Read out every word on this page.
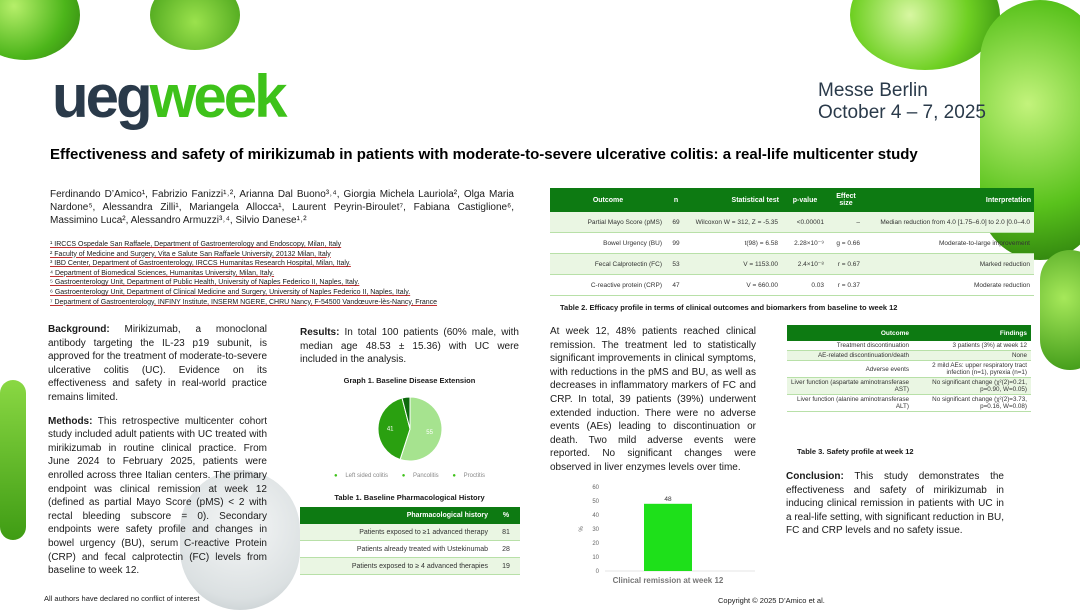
uegweek	Messe Berlin
October 4 – 7, 2025
Effectiveness and safety of mirikizumab in patients with moderate-to-severe ulcerative colitis: a real-life multicenter study
Ferdinando D’Amico¹, Fabrizio Fanizzi¹˒², Arianna Dal Buono³˒⁴, Giorgia Michela Lauriola², Olga Maria Nardone⁵, Alessandra Zilli¹, Mariangela Allocca¹, Laurent Peyrin-Biroulet⁷, Fabiana Castiglione⁶, Massimino Luca², Alessandro Armuzzi³˒⁴, Silvio Danese¹˒²
¹ IRCCS Ospedale San Raffaele, Department of Gastroenterology and Endoscopy, Milan, Italy
² Faculty of Medicine and Surgery, Vita e Salute San Raffaele University, 20132 Milan, Italy
³ IBD Center, Department of Gastroenterology, IRCCS Humanitas Research Hospital, Milan, Italy.
⁴ Department of Biomedical Sciences, Humanitas University, Milan, Italy.
⁵ Gastroenterology Unit, Department of Public Health, University of Naples Federico II, Naples, Italy.
⁶ Gastroenterology Unit, Department of Clinical Medicine and Surgery, University of Naples Federico II, Naples, Italy.
⁷ Department of Gastroenterology, INFINY Institute, INSERM NGERE, CHRU Nancy, F-54500 Vandœuvre-lès-Nancy, France
Outcome	n	Statistical test	p-value	Effect size	Interpretation
Partial Mayo Score (pMS)	69	Wilcoxon W = 312, Z = -5.35	<0.00001	–	Median reduction from 4.0 [1.75–6.0] to 2.0 [0.0–4.0
Bowel Urgency (BU)	99	t(98) = 6.58	2.28×10⁻⁹	g = 0.66	Moderate-to-large improvement
Fecal Calprotectin (FC)	53	V = 1153.00	2.4×10⁻⁸	r = 0.67	Marked reduction
C-reactive protein (CRP)	47	V = 660.00	0.03	r = 0.37	Moderate reduction
Table 2. Efficacy profile in terms of clinical outcomes and biomarkers from baseline to week 12

Background: Mirikizumab, a monoclonal antibody targeting the IL-23 p19 subunit, is approved for the treatment of moderate-to-severe ulcerative colitis (UC). Evidence on its effectiveness and safety in real-world practice remains limited.

Methods: This retrospective multicenter cohort study included adult patients with UC treated with mirikizumab in routine clinical practice. From June 2024 to February 2025, patients were enrolled across three Italian centers. The primary endpoint was clinical remission at week 12 (defined as partial Mayo Score (pMS) < 2 with rectal bleeding subscore = 0). Secondary endpoints were safety profile and changes in bowel urgency (BU), serum C-reactive Protein (CRP) and fecal calprotectin (FC) levels from baseline to week 12.

Results: In total 100 patients (60% male, with median age 48.53 ± 15.36) with UC were included in the analysis.
Graph 1. Baseline Disease Extension
55
41
● Left sided colitis ● Pancolitis ● Proctitis
Table 1. Baseline Pharmacological History
Pharmacological history	%
Patients exposed to ≥1 advanced therapy	81
Patients already treated with Ustekinumab	28
Patients exposed to ≥ 4 advanced therapies	19
At week 12, 48% patients reached clinical remission. The treatment led to statistically significant improvements in clinical symptoms, with reductions in the pMS and BU, as well as decreases in inflammatory markers of FC and CRP. In total, 39 patients (39%) underwent extended induction. There were no adverse events (AEs) leading to discontinuation or death. Two mild adverse events were reported. No significant changes were observed in liver enzymes levels over time.
0
10
20
30
40
50
60
%
48
Clinical remission at week 12
Outcome	Findings
Treatment discontinuation	3 patients (3%) at week 12
AE-related discontinuation/death	None
Adverse events	2 mild AEs: upper respiratory tract infection (n=1), pyrexia (n=1)
Liver function (aspartate aminotransferase AST)	No significant change (χ²(2)=0.21, p=0.90, W=0.05)
Liver function (alanine aminotransferase ALT)	No significant change (χ²(2)=3.73, p=0.16, W=0.08)
Table 3. Safety profile at week 12
Conclusion: This study demonstrates the effectiveness and safety of mirikizumab in inducing clinical remission in patients with UC in a real-life setting, with significant reduction in BU, FC and CRP levels and no safety issue.
All authors have declared no conflict of interest	Copyright © 2025 D’Amico et al.
